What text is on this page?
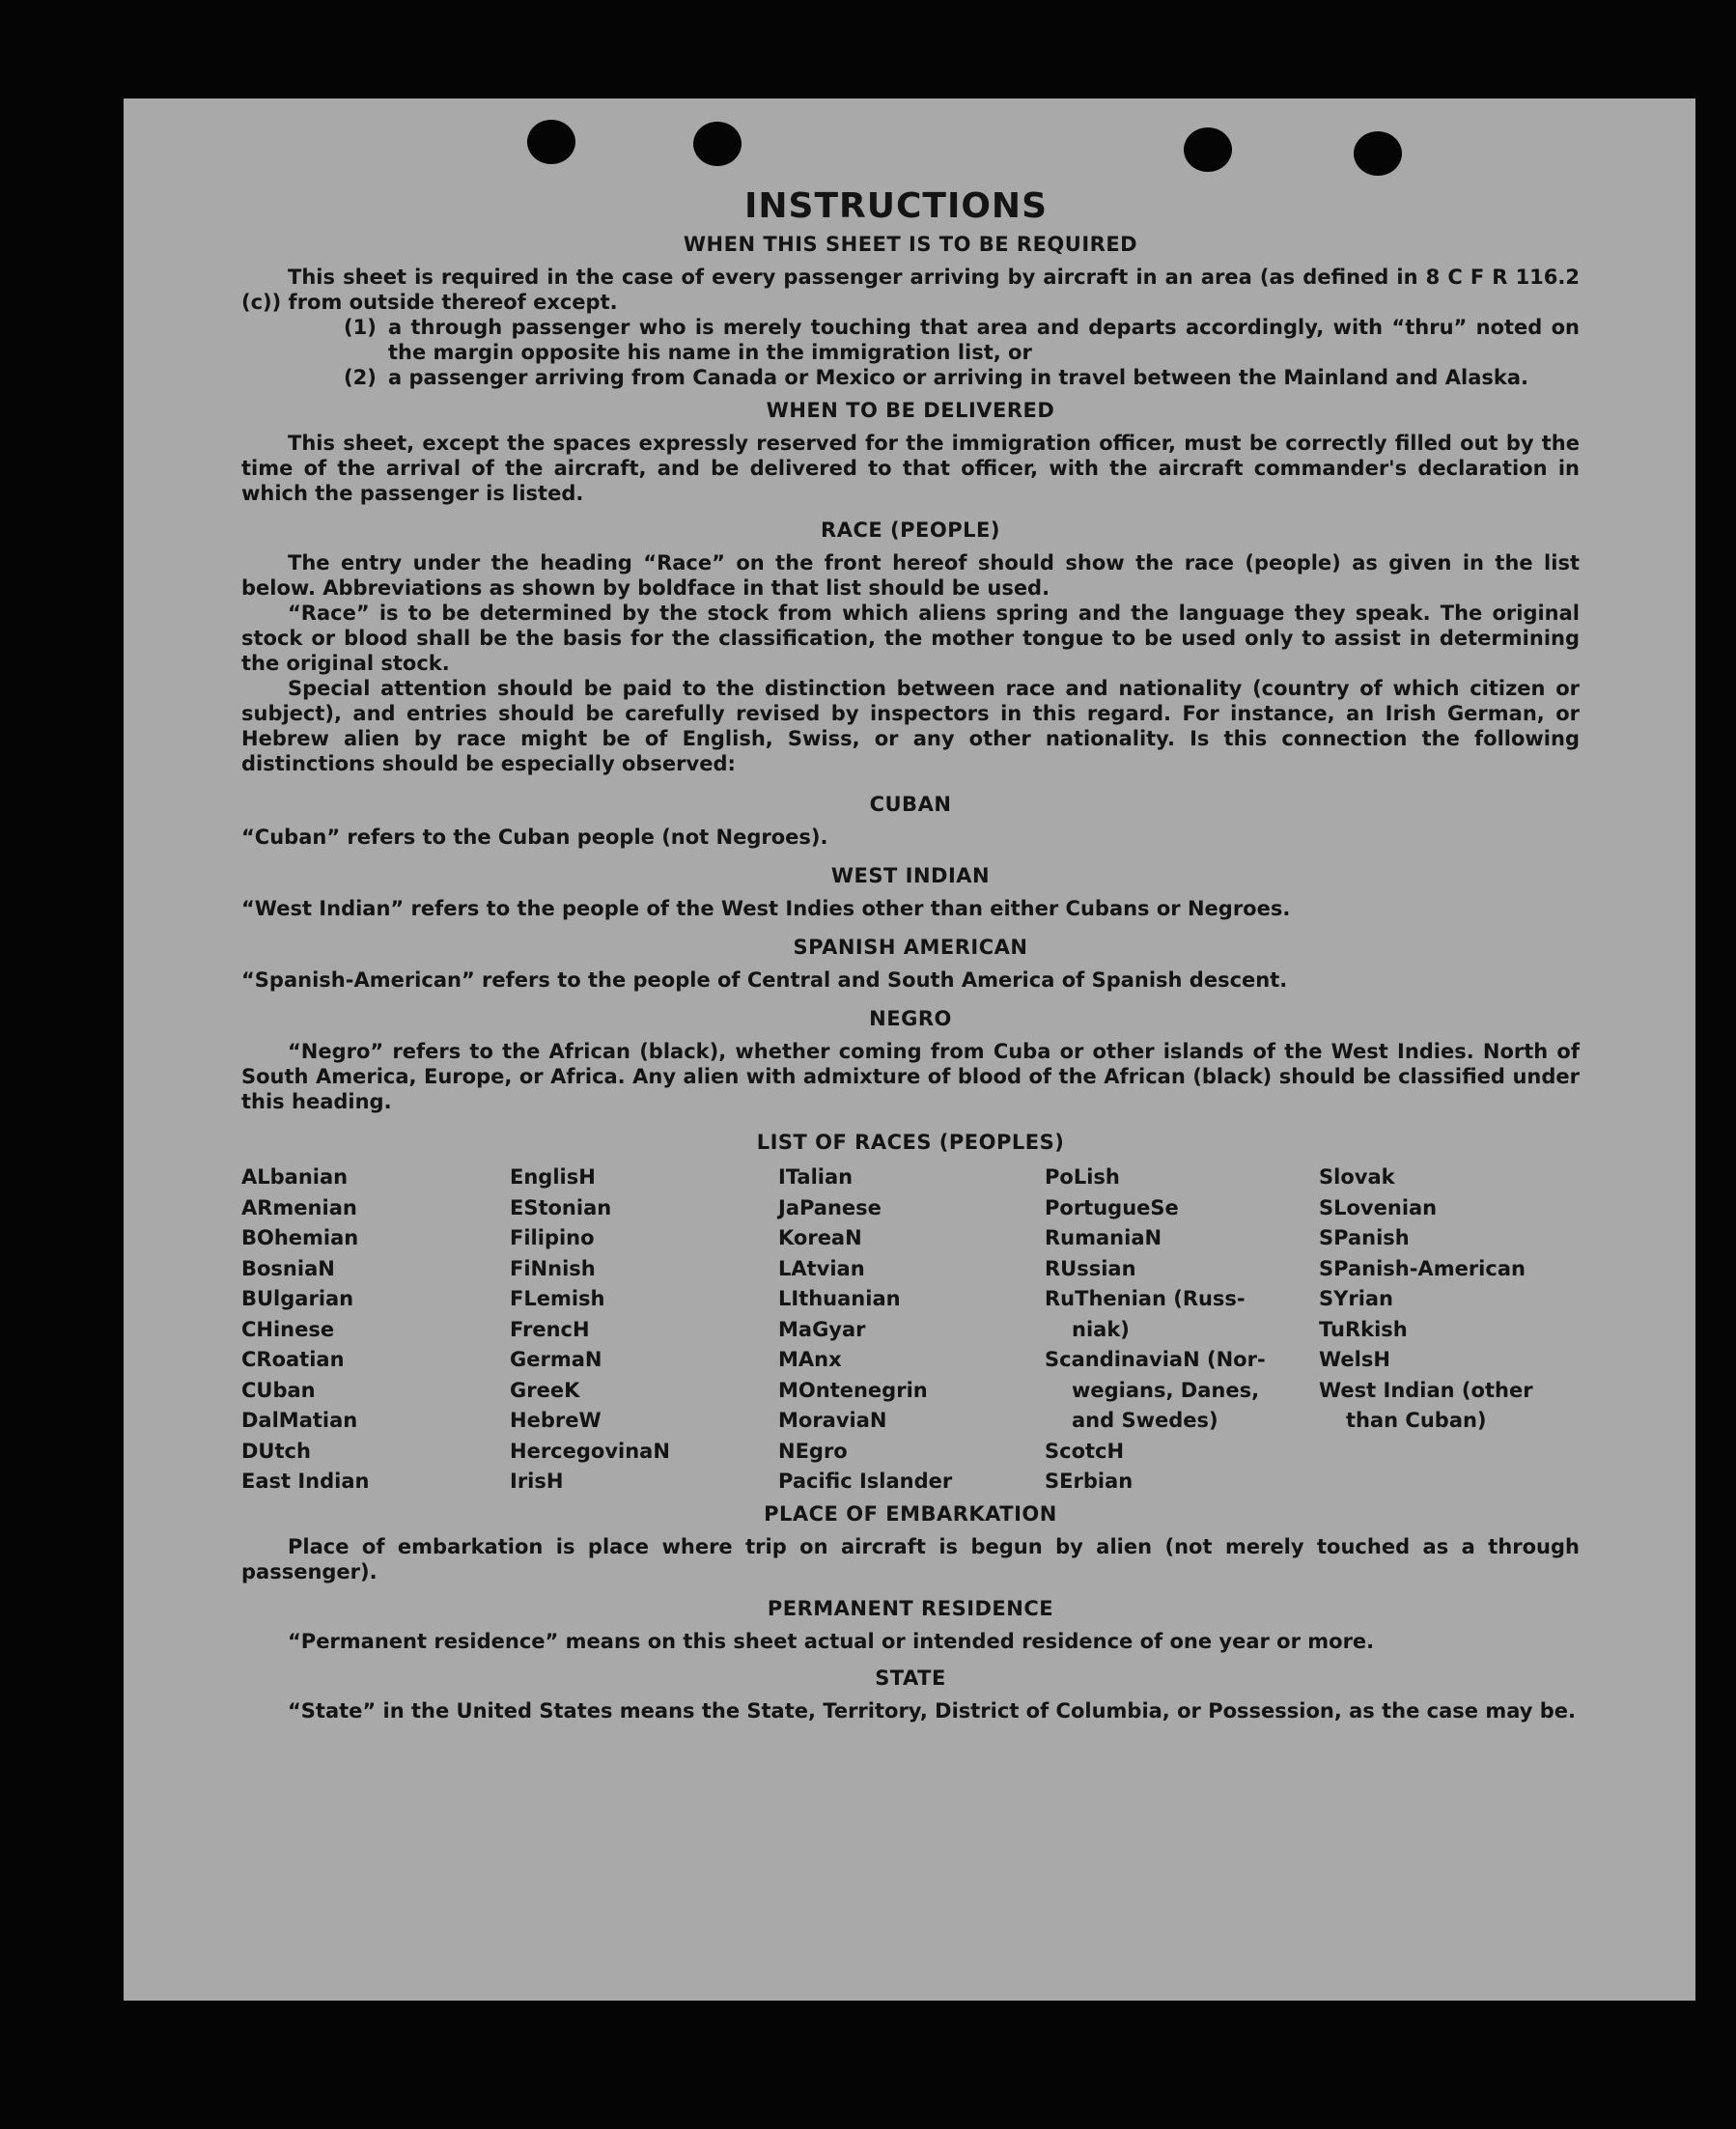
INSTRUCTIONS
WHEN THIS SHEET IS TO BE REQUIRED

This sheet is required in the case of every passenger arriving by aircraft in an area (as defined in 8 C F R 116.2 (c)) from outside thereof except.

(1) a through passenger who is merely touching that area and departs accordingly, with “thru” noted on the margin opposite his name in the immigration list, or
(2) a passenger arriving from Canada or Mexico or arriving in travel between the Mainland and Alaska.
WHEN TO BE DELIVERED

This sheet, except the spaces expressly reserved for the immigration officer, must be correctly filled out by the time of the arrival of the aircraft, and be delivered to that officer, with the aircraft commander's declaration in which the passenger is listed.

RACE (PEOPLE)

The entry under the heading “Race” on the front hereof should show the race (people) as given in the list below. Abbreviations as shown by boldface in that list should be used.

“Race” is to be determined by the stock from which aliens spring and the language they speak. The original stock or blood shall be the basis for the classification, the mother tongue to be used only to assist in determining the original stock.

Special attention should be paid to the distinction between race and nationality (country of which citizen or subject), and entries should be carefully revised by inspectors in this regard. For instance, an Irish German, or Hebrew alien by race might be of English, Swiss, or any other nationality. Is this connection the following distinctions should be especially observed:

CUBAN

“Cuban” refers to the Cuban people (not Negroes).

WEST INDIAN

“West Indian” refers to the people of the West Indies other than either Cubans or Negroes.

SPANISH AMERICAN

“Spanish-American” refers to the people of Central and South America of Spanish descent.

NEGRO

“Negro” refers to the African (black), whether coming from Cuba or other islands of the West Indies. North of South America, Europe, or Africa. Any alien with admixture of blood of the African (black) should be classified under this heading.

LIST OF RACES (PEOPLES)
ALbanian
ARmenian
BOhemian
BosniaN
BUlgarian
CHinese
CRoatian
CUban
DalMatian
DUtch
East Indian
EnglisH
EStonian
Filipino
FiNnish
FLemish
FrencH
GermaN
GreeK
HebreW
HercegovinaN
IrisH
ITalian
JaPanese
KoreaN
LAtvian
LIthuanian
MaGyar
MAnx
MOntenegrin
MoraviaN
NEgro
Pacific Islander
PoLish
PortugueSe
RumaniaN
RUssian
RuThenian (Russ-
niak)
ScandinaviaN (Nor-
wegians, Danes,
and Swedes)
ScotcH
SErbian
Slovak
SLovenian
SPanish
SPanish-American
SYrian
TuRkish
WelsH
West Indian (other
than Cuban)
PLACE OF EMBARKATION

Place of embarkation is place where trip on aircraft is begun by alien (not merely touched as a through passenger).

PERMANENT RESIDENCE

“Permanent residence” means on this sheet actual or intended residence of one year or more.

STATE

“State” in the United States means the State, Territory, District of Columbia, or Possession, as the case may be.
